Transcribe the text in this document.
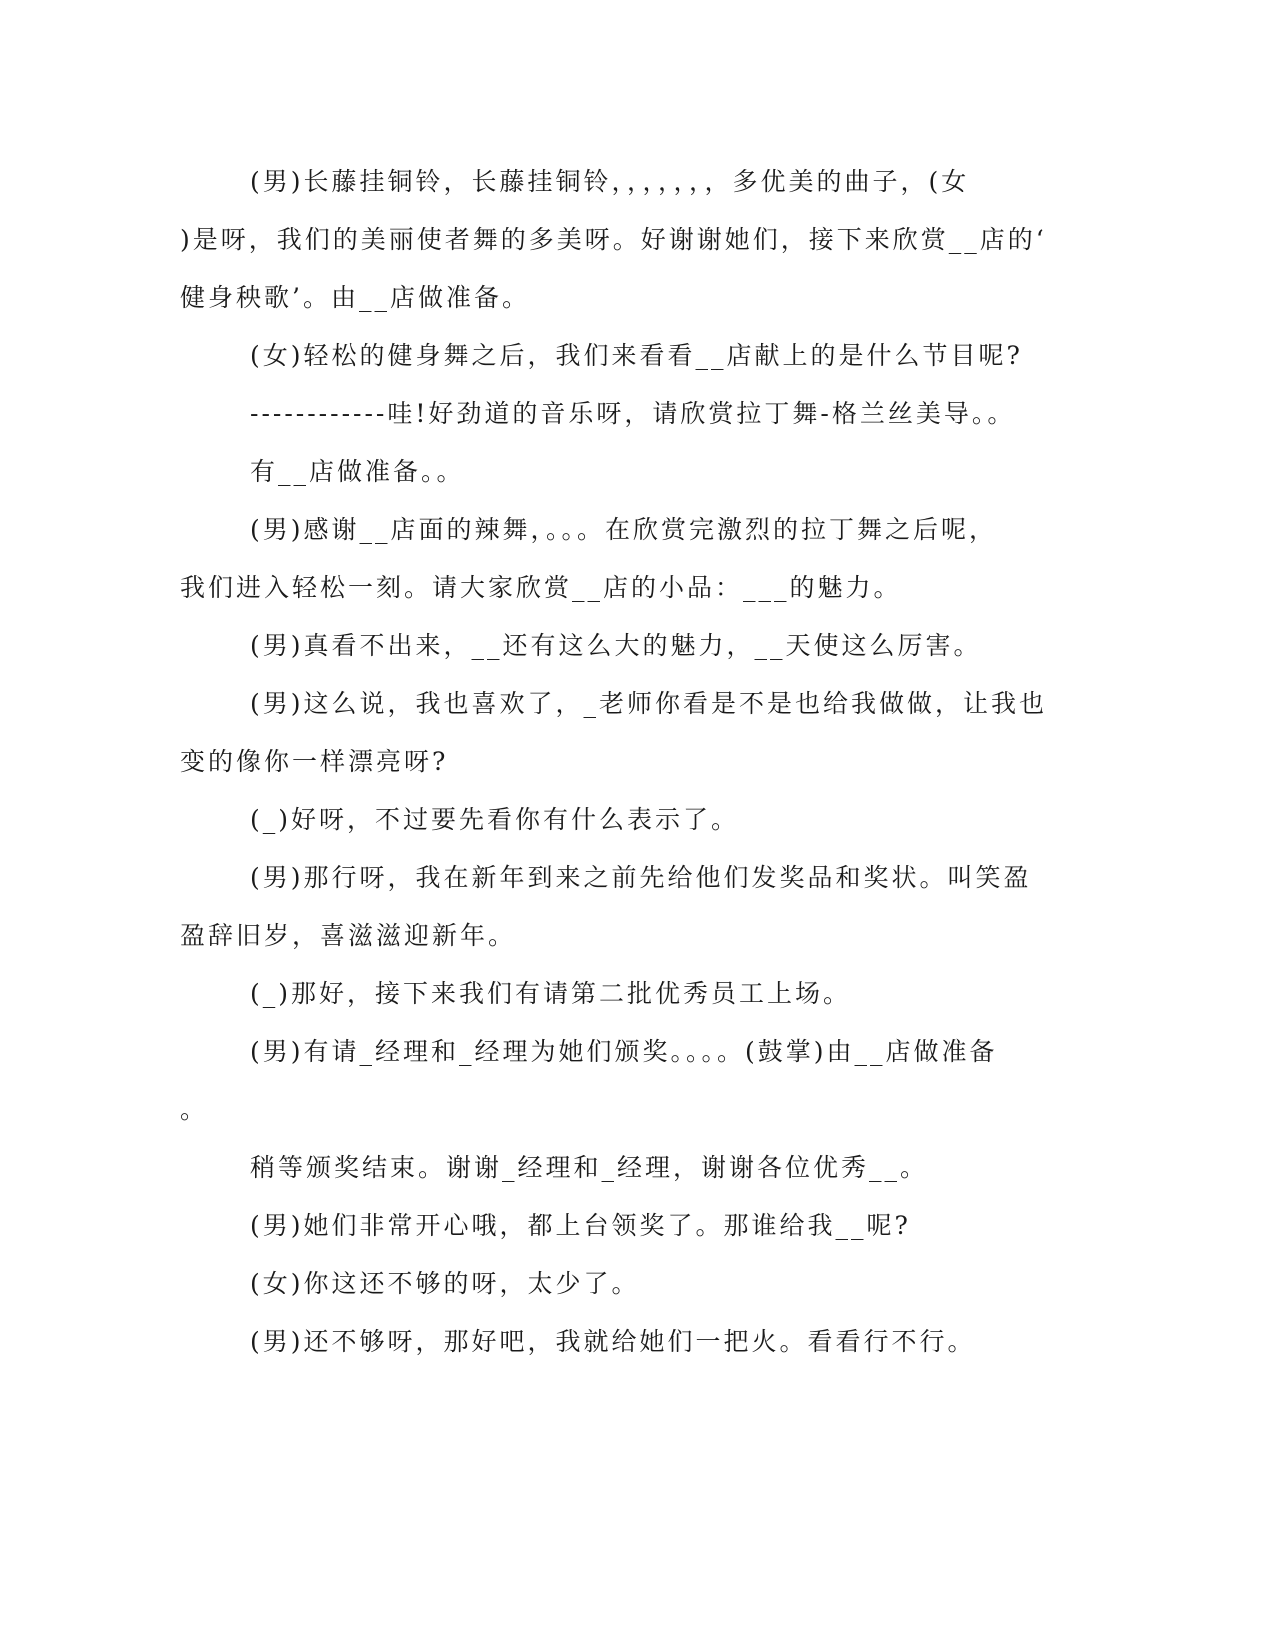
(男)长藤挂铜铃，长藤挂铜铃，，，，，，，多优美的曲子，(女
)是呀，我们的美丽使者舞的多美呀。好谢谢她们，接下来欣赏__店的‘
健身秧歌’。由__店做准备。
(女)轻松的健身舞之后，我们来看看__店献上的是什么节目呢?
------------哇!好劲道的音乐呀，请欣赏拉丁舞-格兰丝美导。。
有__店做准备。。
(男)感谢__店面的辣舞，。。。在欣赏完激烈的拉丁舞之后呢，
我们进入轻松一刻。请大家欣赏__店的小品：___的魅力。
(男)真看不出来，__还有这么大的魅力，__天使这么厉害。
(男)这么说，我也喜欢了，_老师你看是不是也给我做做，让我也
变的像你一样漂亮呀?
(_)好呀，不过要先看你有什么表示了。
(男)那行呀，我在新年到来之前先给他们发奖品和奖状。叫笑盈
盈辞旧岁，喜滋滋迎新年。
(_)那好，接下来我们有请第二批优秀员工上场。
(男)有请_经理和_经理为她们颁奖。。。。(鼓掌)由__店做准备
。
稍等颁奖结束。谢谢_经理和_经理，谢谢各位优秀__。
(男)她们非常开心哦，都上台领奖了。那谁给我__呢?
(女)你这还不够的呀，太少了。
(男)还不够呀，那好吧，我就给她们一把火。看看行不行。
